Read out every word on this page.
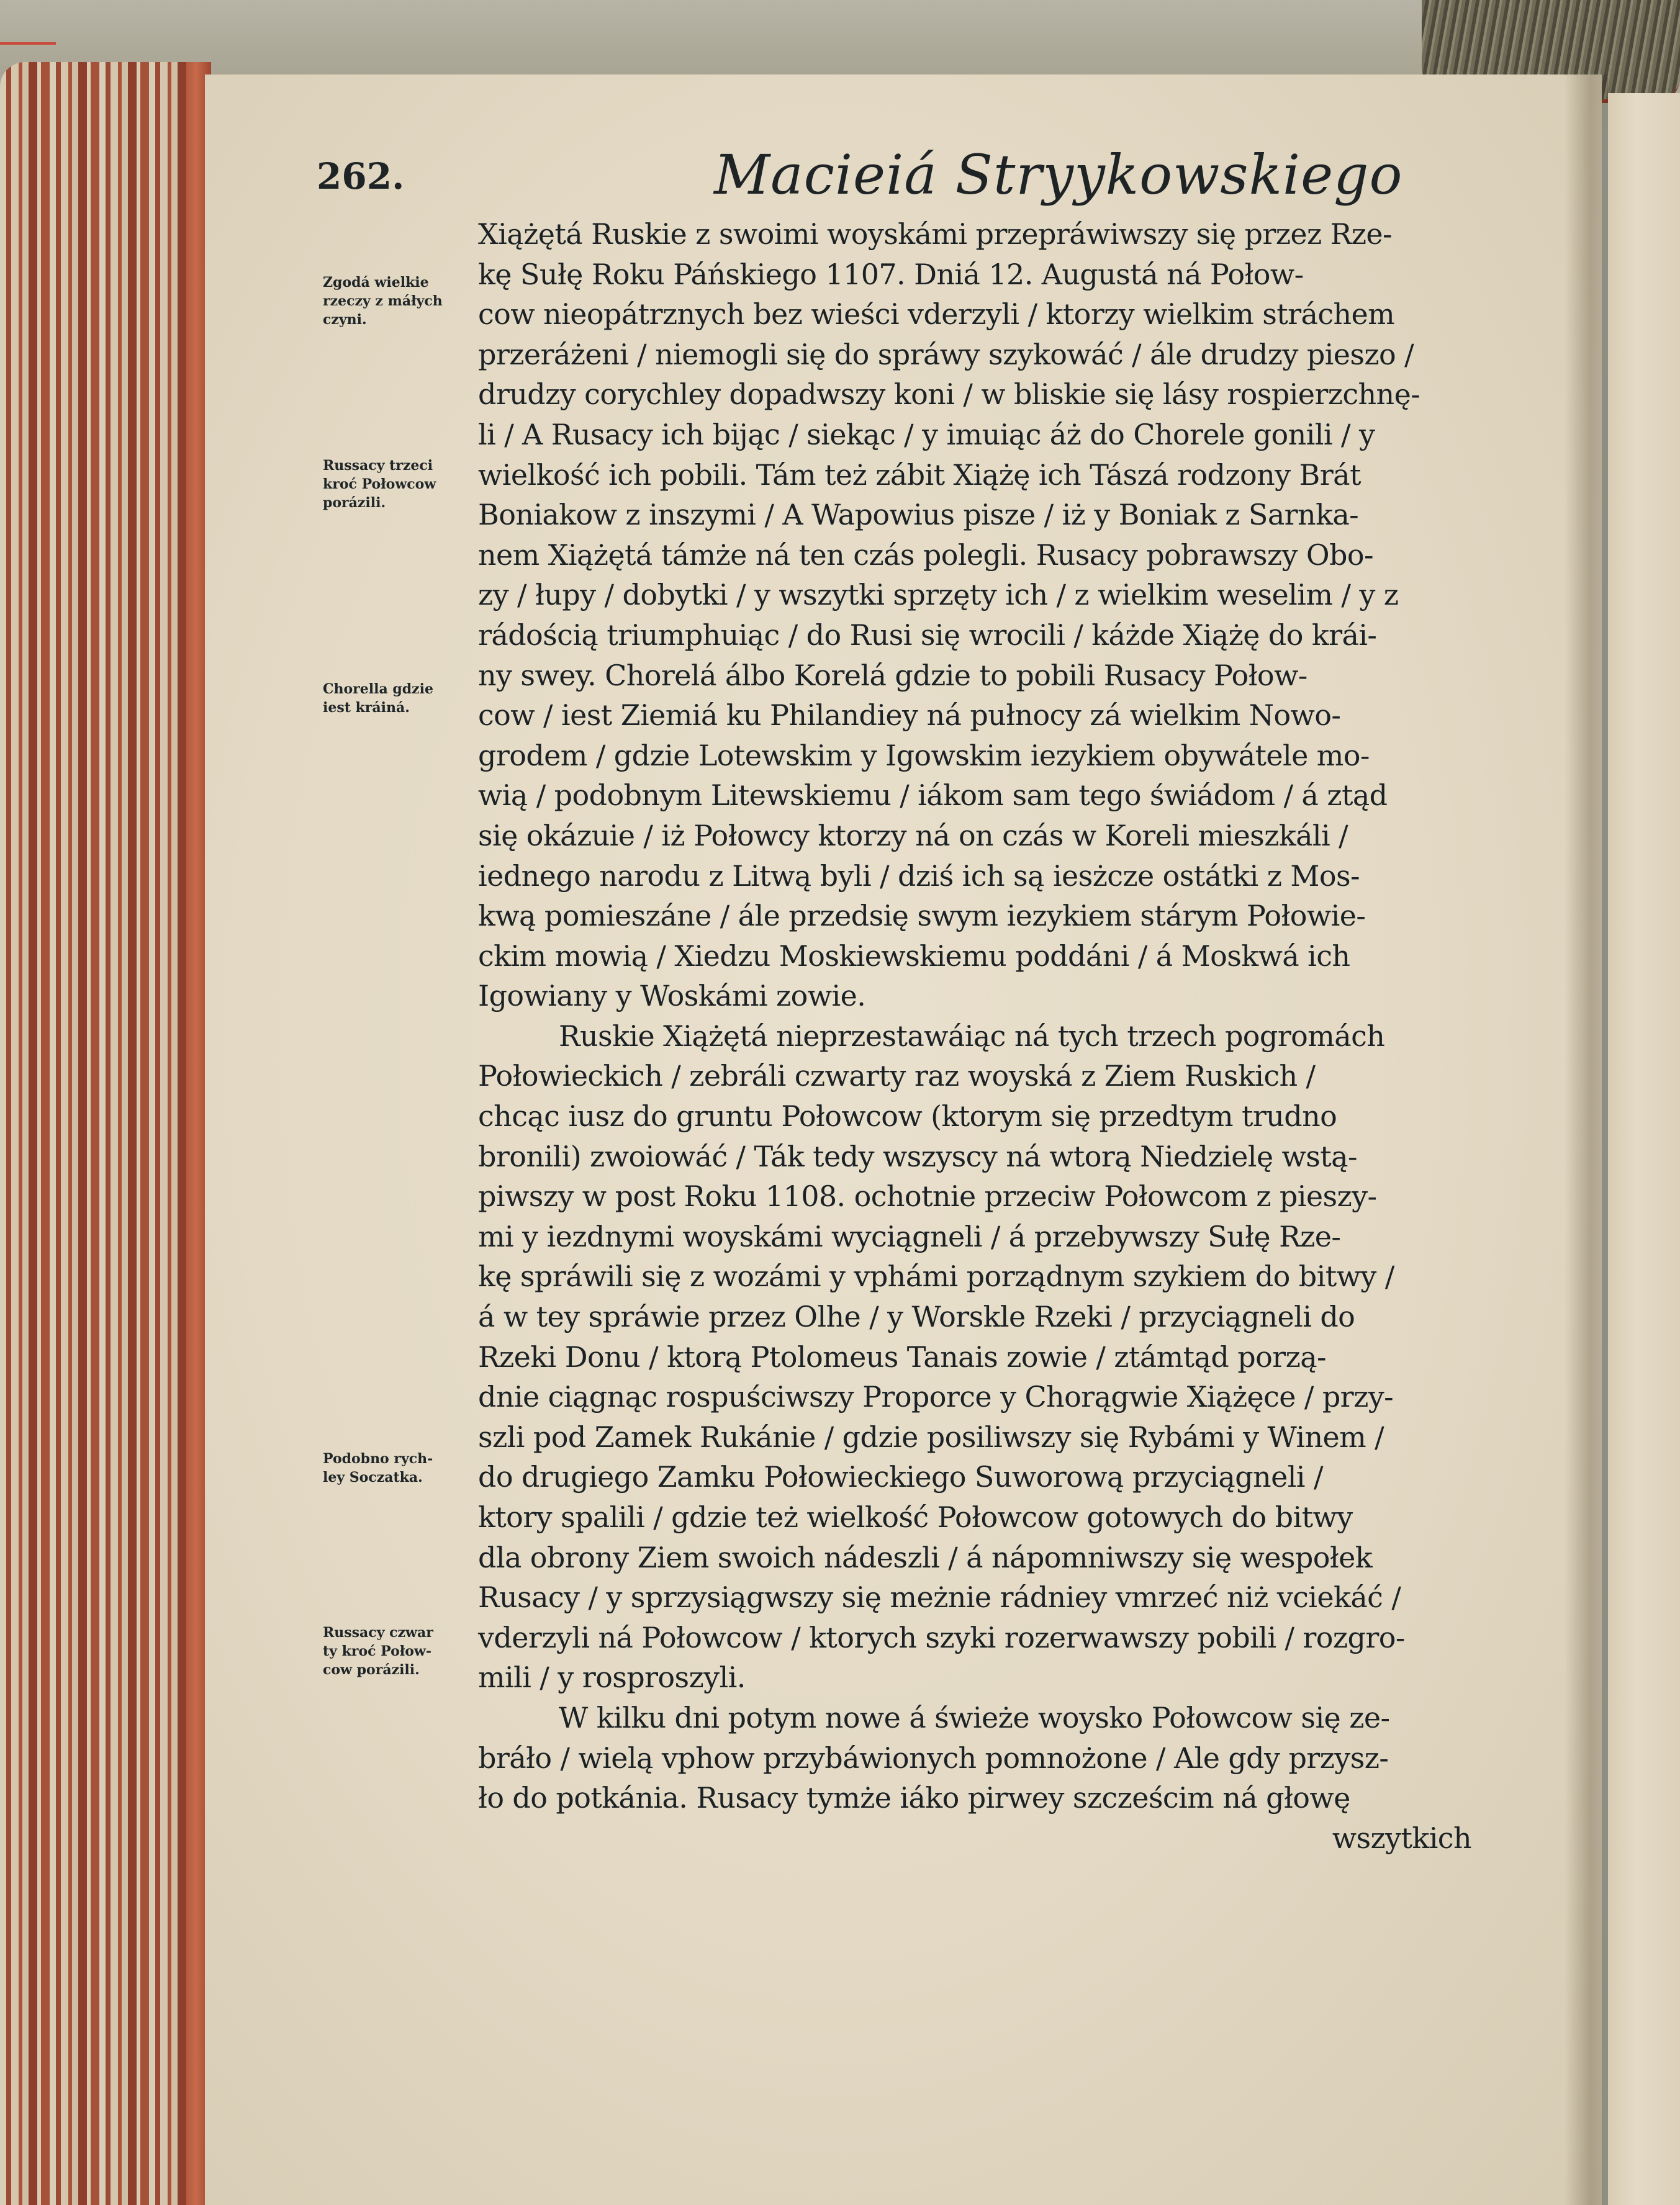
262.	Macieiá Stryykowskiego
Xiążętá Ruskie z swoimi woyskámi przepráwiwszy się przez Rze-
kę Sułę Roku Páńskiego 1107. Dniá 12. Augustá ná Połow-
cow nieopátrznych bez wieści vderzyli / ktorzy wielkim stráchem
przeráżeni / niemogli się do spráwy szykowáć / ále drudzy pieszo /
drudzy corychley dopadwszy koni / w bliskie się lásy rospierzchnę-
li / A Rusacy ich bijąc / siekąc / y imuiąc áż do Chorele gonili / y
wielkość ich pobili. Tám też zábit Xiążę ich Tászá rodzony Brát
Boniakow z inszymi / A Wapowius pisze / iż y Boniak z Sarnka-
nem Xiążętá támże ná ten czás polegli. Rusacy pobrawszy Obo-
zy / łupy / dobytki / y wszytki sprzęty ich / z wielkim weselim / y z
rádością triumphuiąc / do Rusi się wrocili / káżde Xiążę do krái-
ny swey. Chorelá álbo Korelá gdzie to pobili Rusacy Połow-
cow / iest Ziemiá ku Philandiey ná pułnocy zá wielkim Nowo-
grodem / gdzie Lotewskim y Igowskim iezykiem obywátele mo-
wią / podobnym Litewskiemu / iákom sam tego świádom / á ztąd
się okázuie / iż Połowcy ktorzy ná on czás w Koreli mieszkáli /
iednego narodu z Litwą byli / dziś ich są iesżcze ostátki z Mos-
kwą pomieszáne / ále przedsię swym iezykiem stárym Połowie-
ckim mowią / Xiedzu Moskiewskiemu poddáni / á Moskwá ich
Igowiany y Woskámi zowie.
Ruskie Xiążętá nieprzestawáiąc ná tych trzech pogromách
Połowieckich / zebráli czwarty raz woyská z Ziem Ruskich /
chcąc iusz do gruntu Połowcow (ktorym się przedtym trudno
bronili) zwoiowáć / Ták tedy wszyscy ná wtorą Niedzielę wstą-
piwszy w post Roku 1108. ochotnie przeciw Połowcom z pieszy-
mi y iezdnymi woyskámi wyciągneli / á przebywszy Sułę Rze-
kę spráwili się z wozámi y vphámi porządnym szykiem do bitwy /
á w tey spráwie przez Olhe / y Worskle Rzeki / przyciągneli do
Rzeki Donu / ktorą Ptolomeus Tanais zowie / ztámtąd porzą-
dnie ciągnąc rospuściwszy Proporce y Chorągwie Xiążęce / przy-
szli pod Zamek Rukánie / gdzie posiliwszy się Rybámi y Winem /
do drugiego Zamku Połowieckiego Suworową przyciągneli /
ktory spalili / gdzie też wielkość Połowcow gotowych do bitwy
dla obrony Ziem swoich nádeszli / á nápomniwszy się wespołek
Rusacy / y sprzysiągwszy się meżnie rádniey vmrzeć niż vciekáć /
vderzyli ná Połowcow / ktorych szyki rozerwawszy pobili / rozgro-
mili / y rosproszyli.
W kilku dni potym nowe á świeże woysko Połowcow się ze-
bráło / wielą vphow przybáwionych pomnożone / Ale gdy przysz-
ło do potkánia. Rusacy tymże iáko pirwey szcześcim ná głowę
wszytkich
Zgodá wielkie
rzeczy z máłych
czyni.
Russacy trzeci
kroć Połowcow
porázili.
Chorella gdzie
iest kráiná.
Podobno rych-
ley Soczatka.
Russacy czwar
ty kroć Połow-
cow porázili.
